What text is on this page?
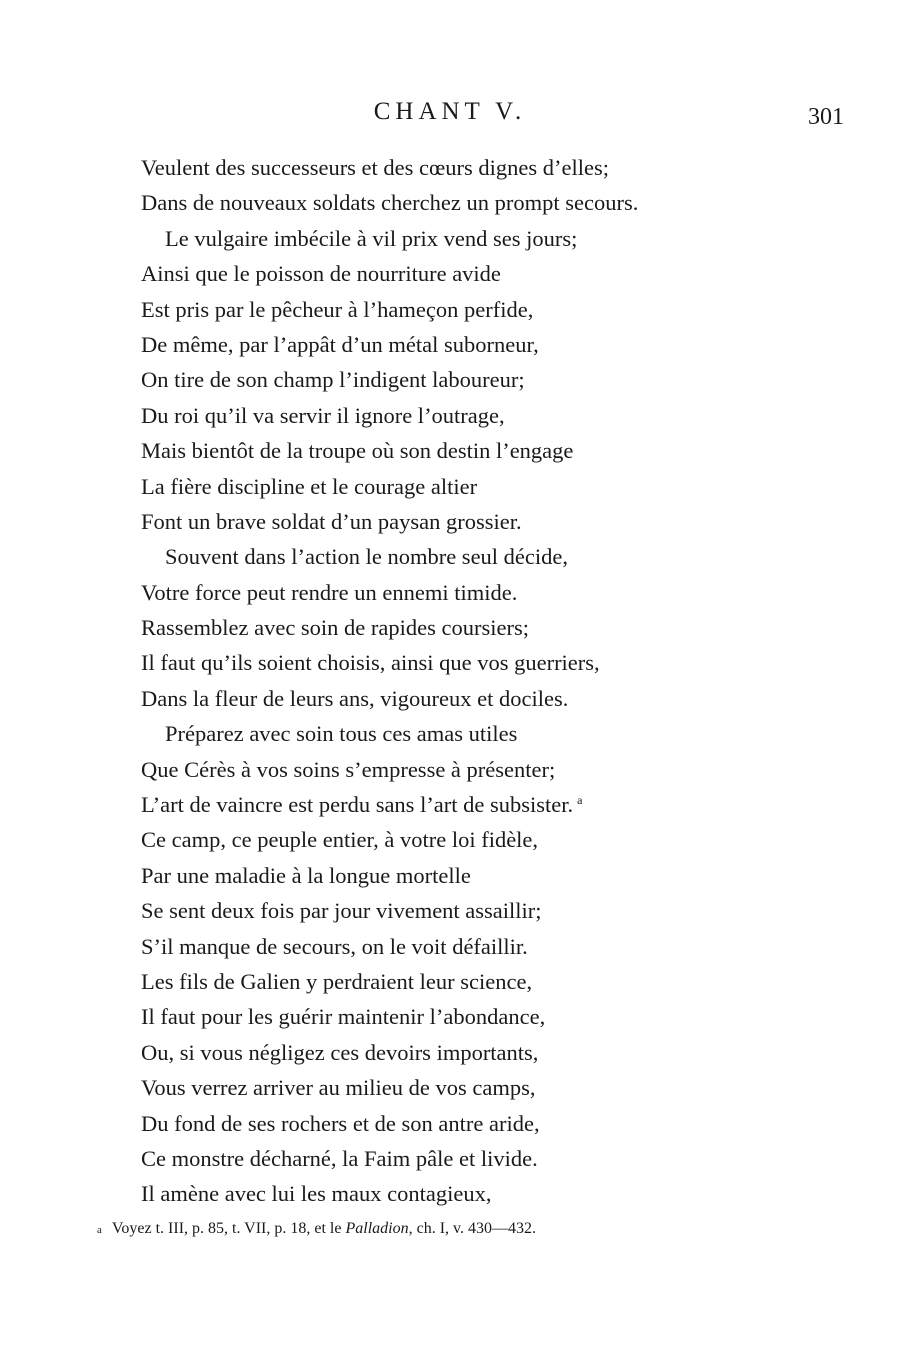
CHANT V.	301
Veulent des successeurs et des cœurs dignes d’elles;
Dans de nouveaux soldats cherchez un prompt secours.
Le vulgaire imbécile à vil prix vend ses jours;
Ainsi que le poisson de nourriture avide
Est pris par le pêcheur à l’hameçon perfide,
De même, par l’appât d’un métal suborneur,
On tire de son champ l’indigent laboureur;
Du roi qu’il va servir il ignore l’outrage,
Mais bientôt de la troupe où son destin l’engage
La fière discipline et le courage altier
Font un brave soldat d’un paysan grossier.
Souvent dans l’action le nombre seul décide,
Votre force peut rendre un ennemi timide.
Rassemblez avec soin de rapides coursiers;
Il faut qu’ils soient choisis, ainsi que vos guerriers,
Dans la fleur de leurs ans, vigoureux et dociles.
Préparez avec soin tous ces amas utiles
Que Cérès à vos soins s’empresse à présenter;
L’art de vaincre est perdu sans l’art de subsister. $^a$
Ce camp, ce peuple entier, à votre loi fidèle,
Par une maladie à la longue mortelle
Se sent deux fois par jour vivement assaillir;
S’il manque de secours, on le voit défaillir.
Les fils de Galien y perdraient leur science,
Il faut pour les guérir maintenir l’abondance,
Ou, si vous négligez ces devoirs importants,
Vous verrez arriver au milieu de vos camps,
Du fond de ses rochers et de son antre aride,
Ce monstre décharné, la Faim pâle et livide.
Il amène avec lui les maux contagieux,
a Voyez t. III, p. 85, t. VII, p. 18, et le Palladion, ch. I, v. 430—432.
